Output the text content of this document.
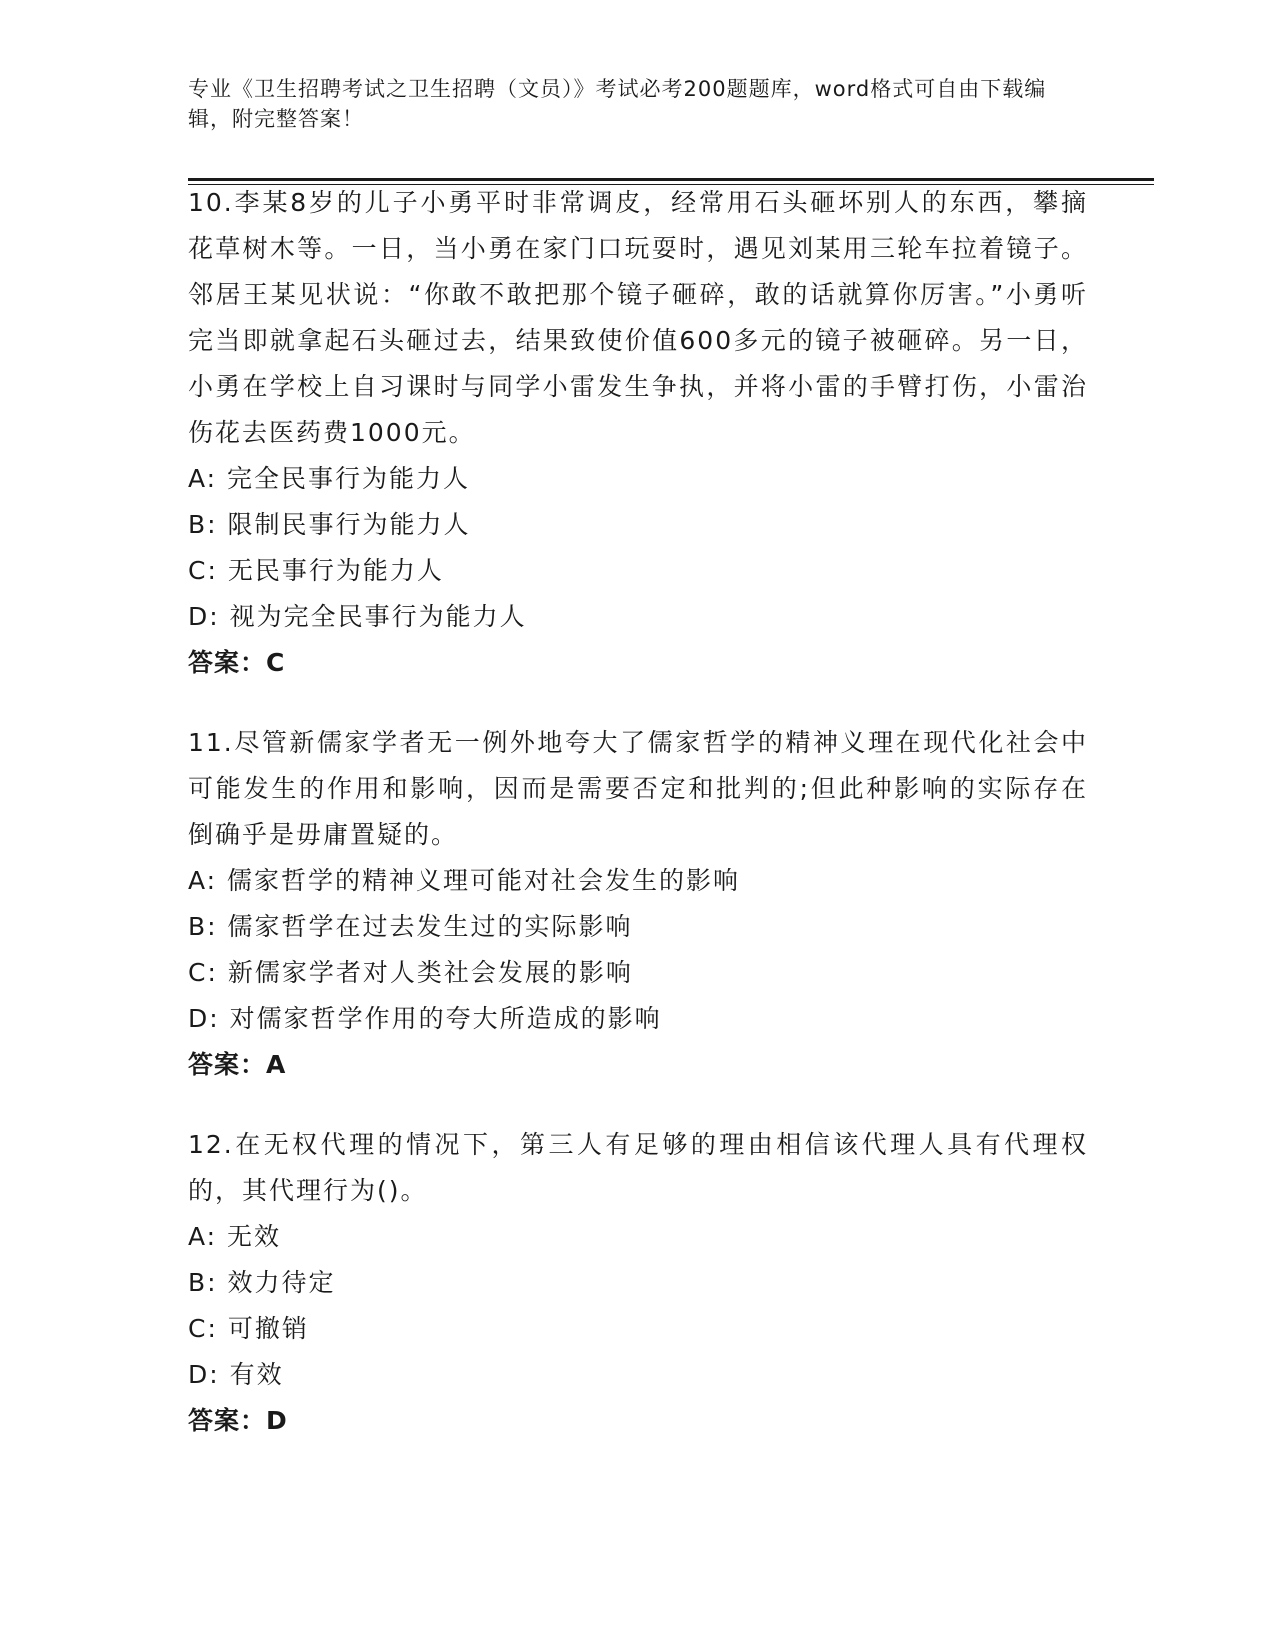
专业《卫生招聘考试之卫生招聘（文员）》考试必考200题题库，word格式可自由下载编辑，附完整答案！

10.李某8岁的儿子小勇平时非常调皮，经常用石头砸坏别人的东西，攀摘花草树木等。一日，当小勇在家门口玩耍时，遇见刘某用三轮车拉着镜子。邻居王某见状说：“你敢不敢把那个镜子砸碎，敢的话就算你厉害。”小勇听完当即就拿起石头砸过去，结果致使价值600多元的镜子被砸碎。另一日，小勇在学校上自习课时与同学小雷发生争执，并将小雷的手臂打伤，小雷治伤花去医药费1000元。

A: 完全民事行为能力人
B: 限制民事行为能力人
C: 无民事行为能力人
D: 视为完全民事行为能力人

答案：C

11.尽管新儒家学者无一例外地夸大了儒家哲学的精神义理在现代化社会中可能发生的作用和影响，因而是需要否定和批判的;但此种影响的实际存在倒确乎是毋庸置疑的。

A: 儒家哲学的精神义理可能对社会发生的影响
B: 儒家哲学在过去发生过的实际影响
C: 新儒家学者对人类社会发展的影响
D: 对儒家哲学作用的夸大所造成的影响

答案：A

12.在无权代理的情况下，第三人有足够的理由相信该代理人具有代理权的，其代理行为()。

A: 无效
B: 效力待定
C: 可撤销
D: 有效

答案：D
